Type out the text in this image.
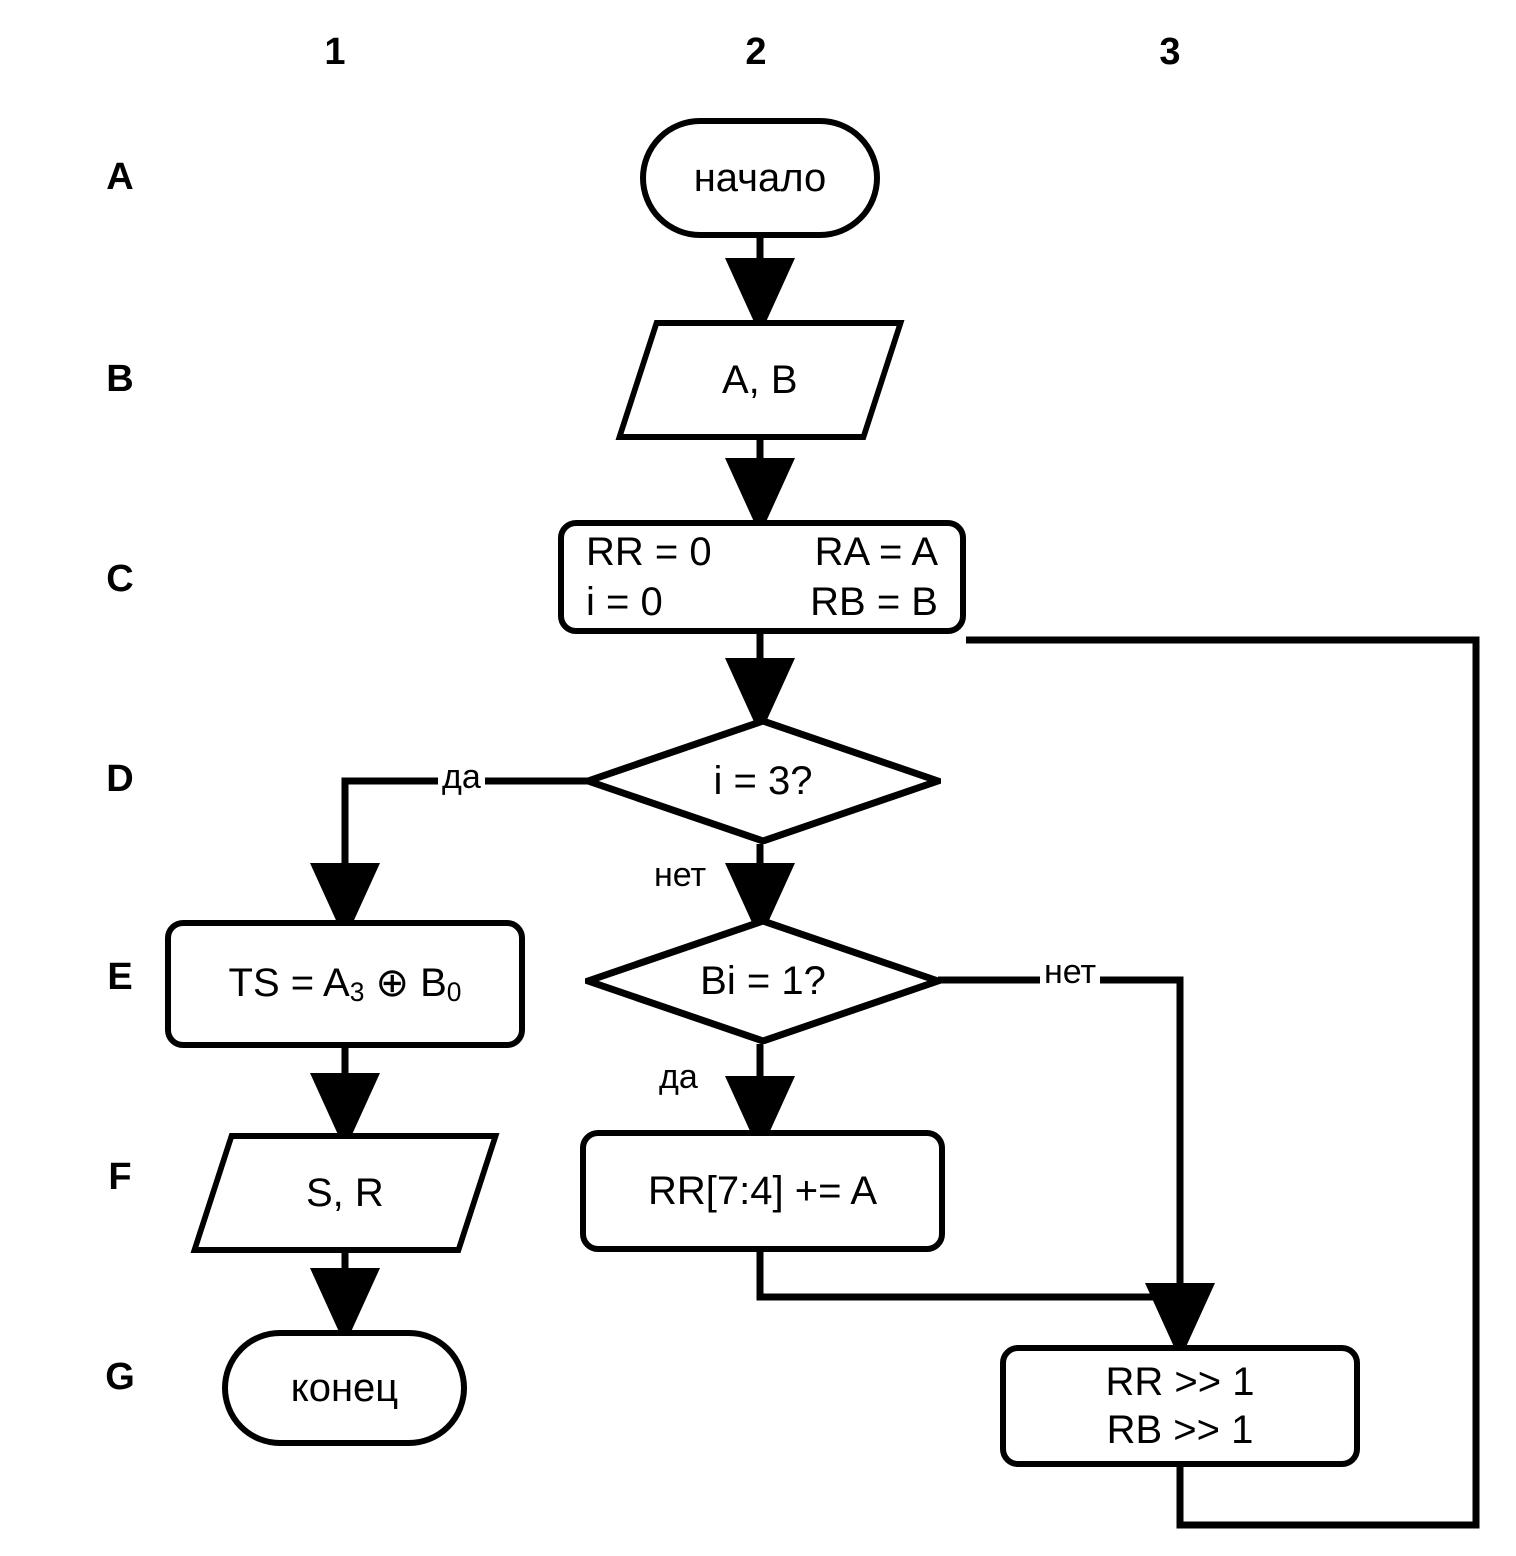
1	2	3
A
B
C
D
E
F
G
начало
A, B
RR = 0	RA = A
i = 0	RB = B
i = 3?
да
нет
Bi = 1?	нет
да
TS = A3 ⊕ B0
S, R
конец
RR[7:4] += A
RR >> 1
RB >> 1
